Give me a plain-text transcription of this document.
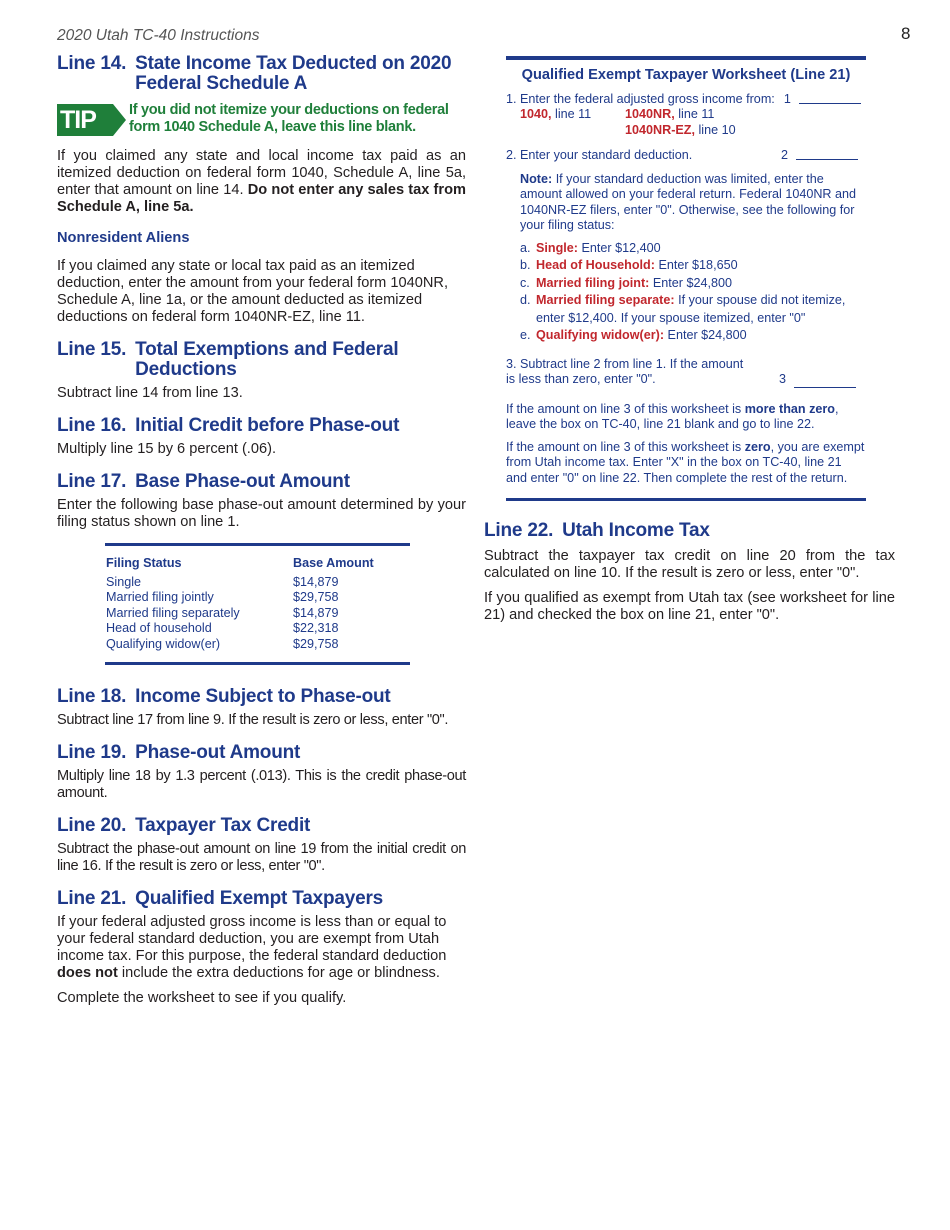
2020 Utah TC-40 Instructions	8
Line 14. State Income Tax Deducted on 2020 Federal Schedule A
TIP	If you did not itemize your deductions on federal form 1040 Schedule A, leave this line blank.

If you claimed any state and local income tax paid as an itemized deduction on federal form 1040, Schedule A, line 5a, enter that amount on line 14. Do not enter any sales tax from Schedule A, line 5a.

Nonresident Aliens

If you claimed any state or local tax paid as an itemized deduction, enter the amount from your federal form 1040NR, Schedule A, line 1a, or the amount deducted as itemized deductions on federal form 1040NR-EZ, line 11.

Line 15. Total Exemptions and Federal Deductions

Subtract line 14 from line 13.

Line 16. Initial Credit before Phase-out

Multiply line 15 by 6 percent (.06).

Line 17. Base Phase-out Amount

Enter the following base phase-out amount determined by your filing status shown on line 1.

Filing Status	Base Amount
Single	$14,879
Married filing jointly	$29,758
Married filing separately	$14,879
Head of household	$22,318
Qualifying widow(er)	$29,758
Line 18. Income Subject to Phase-out

Subtract line 17 from line 9. If the result is zero or less, enter "0".

Line 19. Phase-out Amount

Multiply line 18 by 1.3 percent (.013). This is the credit phase-out amount.

Line 20. Taxpayer Tax Credit

Subtract the phase-out amount on line 19 from the initial credit on line 16. If the result is zero or less, enter "0".

Line 21. Qualified Exempt Taxpayers

If your federal adjusted gross income is less than or equal to your federal standard deduction, you are exempt from Utah income tax. For this purpose, the federal standard deduction does not include the extra deductions for age or blindness.

Complete the worksheet to see if you qualify.

Qualified Exempt Taxpayer Worksheet (Line 21)
1. Enter the federal adjusted gross income from: 1
1040, line 11	1040NR, line 11
1040NR-EZ, line 10
2. Enter your standard deduction.	2
Note: If your standard deduction was limited, enter the amount allowed on your federal return. Federal 1040NR and 1040NR-EZ filers, enter "0". Otherwise, see the following for your filing status:
a. Single: Enter $12,400
b. Head of Household: Enter $18,650
c. Married filing joint: Enter $24,800
d. Married filing separate: If your spouse did not itemize, enter $12,400. If your spouse itemized, enter "0"
e. Qualifying widow(er): Enter $24,800
3. Subtract line 2 from line 1. If the amount is less than zero, enter "0".	3
If the amount on line 3 of this worksheet is more than zero, leave the box on TC-40, line 21 blank and go to line 22.
If the amount on line 3 of this worksheet is zero, you are exempt from Utah income tax. Enter "X" in the box on TC-40, line 21 and enter "0" on line 22. Then complete the rest of the return.
Line 22. Utah Income Tax

Subtract the taxpayer tax credit on line 20 from the tax calculated on line 10. If the result is zero or less, enter "0".

If you qualified as exempt from Utah tax (see worksheet for line 21) and checked the box on line 21, enter "0".
